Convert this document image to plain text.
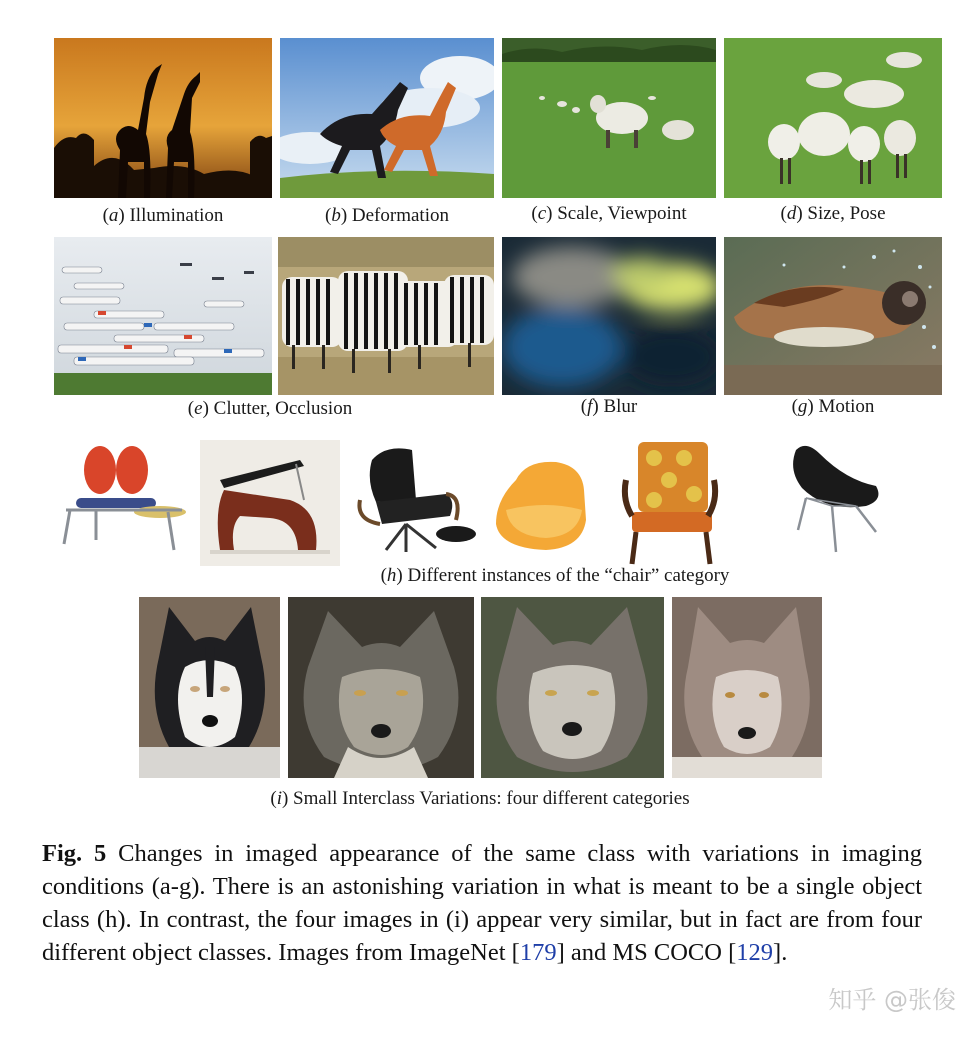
(a) Illumination	(b) Deformation	(c) Scale, Viewpoint	(d) Size, Pose
(e) Clutter, Occlusion	(f) Blur	(g) Motion
(h) Different instances of the “chair” category
(i) Small Interclass Variations: four different categories

Fig. 5 Changes in imaged appearance of the same class with variations in imaging conditions (a-g). There is an astonishing variation in what is meant to be a single object class (h). In contrast, the four images in (i) appear very similar, but in fact are from four different object classes. Images from ImageNet [179] and MS COCO [129].

知乎 @张俊
